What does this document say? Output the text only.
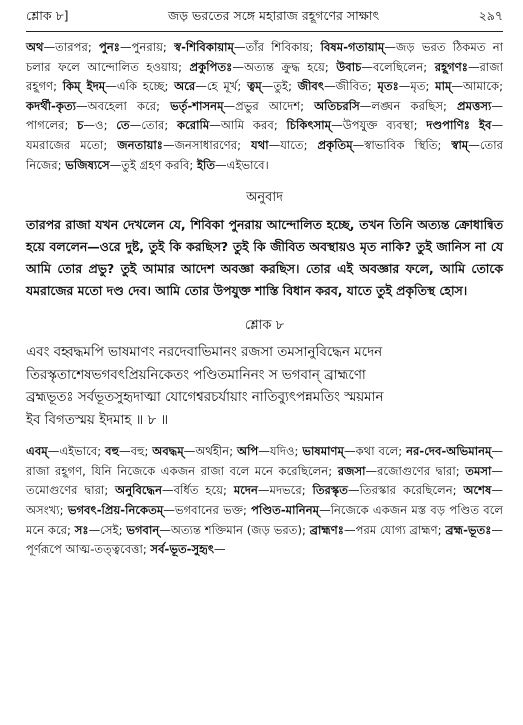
শ্লোক ৮]	জড় ভরতের সঙ্গে মহারাজ রহূগণের সাক্ষাৎ	২৯৭

অথ—তারপর; পুনঃ—পুনরায়; স্ব-শিবিকায়াম্—তাঁর শিবিকায়; বিষম-গতায়াম্—জড় ভরত ঠিকমত না চলার ফলে আন্দোলিত হওয়ায়; প্রকুপিতঃ—অত্যন্ত ক্রুদ্ধ হয়ে; উবাচ—বলেছিলেন; রহূগণঃ—রাজা রহূগণ; কিম্ ইদম্—একি হচ্ছে; অরে—হে মূর্খ; ত্বম্—তুই; জীবৎ—জীবিত; মৃতঃ—মৃত; মাম্—আমাকে; কদর্থী-কৃত্য—অবহেলা করে; ভর্তৃ-শাসনম্—প্রভুর আদেশ; অতিচরসি—লঙ্ঘন করছিস; প্রমত্তস্য—পাগলের; চ—ও; তে—তোর; করোমি—আমি করব; চিকিৎসাম্—উপযুক্ত ব্যবস্থা; দণ্ডপাণিঃ ইব—যমরাজের মতো; জনতায়াঃ—জনসাধারণের; যথা—যাতে; প্রকৃতিম্—স্বাভাবিক স্থিতি; স্বাম্—তোর নিজের; ভজিষ্যসে—তুই গ্রহণ করবি; ইতি—এইভাবে।

অনুবাদ

তারপর রাজা যখন দেখলেন যে, শিবিকা পুনরায় আন্দোলিত হচ্ছে, তখন তিনি অত্যন্ত ক্রোধান্বিত হয়ে বললেন—ওরে দুষ্ট, তুই কি করছিস? তুই কি জীবিত অবস্থায়ও মৃত নাকি? তুই জানিস না যে আমি তোর প্রভু? তুই আমার আদেশ অবজ্ঞা করছিস। তোর এই অবজ্ঞার ফলে, আমি তোকে যমরাজের মতো দণ্ড দেব। আমি তোর উপযুক্ত শাস্তি বিধান করব, যাতে তুই প্রকৃতিস্থ হোস।

শ্লোক ৮

এবং বহ্বদ্ধমপি ভাষমাণং নরদেবাভিমানং রজসা তমসানুবিদ্ধেন মদেন

তিরস্কৃতাশেষভগবৎপ্রিয়নিকেতং পণ্ডিতমানিনং স ভগবান্ ব্রাহ্মণো

ব্রহ্মভূতঃ সর্বভূতসুহৃদাত্মা যোগেশ্বরচর্যায়াং নাতিব্যুৎপন্নমতিং স্ময়মান

ইব বিগতস্ময় ইদমাহ ॥ ৮ ॥

এবম্—এইভাবে; বহু—বহু; অবদ্ধম্—অর্থহীন; অপি—যদিও; ভাষমাণম্—কথা বলে; নর-দেব-অভিমানম্—রাজা রহূগণ, যিনি নিজেকে একজন রাজা বলে মনে করেছিলেন; রজসা—রজোগুণের দ্বারা; তমসা—তমোগুণের দ্বারা; অনুবিদ্ধেন—বর্ধিত হয়ে; মদেন—মদভরে; তিরস্কৃত—তিরস্কার করেছিলেন; অশেষ—অসংখ্য; ভগবৎ-প্রিয়-নিকেতম্—ভগবানের ভক্ত; পণ্ডিত-মানিনম্—নিজেকে একজন মস্ত বড় পণ্ডিত বলে মনে করে; সঃ—সেই; ভগবান্—অত্যন্ত শক্তিমান (জড় ভরত); ব্রাহ্মণঃ—পরম যোগ্য ব্রাহ্মণ; ব্রহ্ম-ভূতঃ—পূর্ণরূপে আত্ম-তত্ত্ববেত্তা; সর্ব-ভূত-সুহৃৎ—
